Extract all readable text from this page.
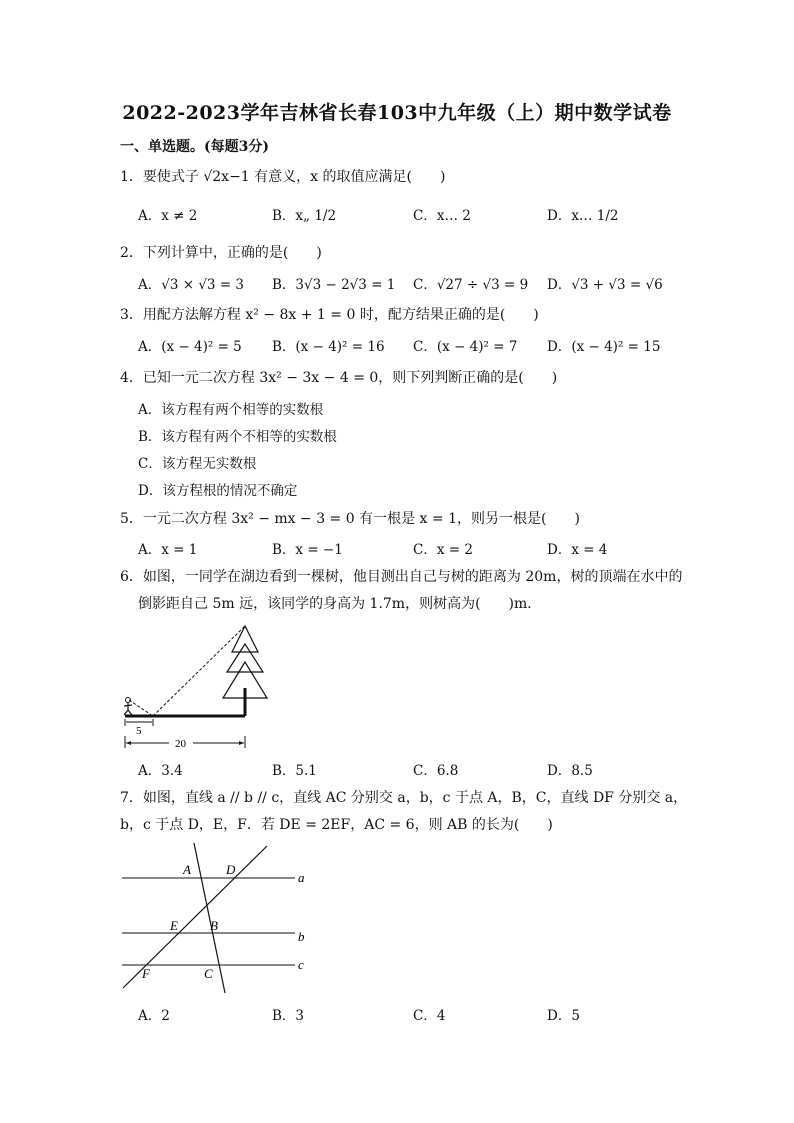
2022-2023学年吉林省长春103中九年级（上）期中数学试卷
一、单选题。(每题3分)
1．要使式子 √2x−1 有意义，x 的取值应满足(　　)
A．x ≠ 2	B．x„ 1/2	C．x… 2	D．x… 1/2
2．下列计算中，正确的是(　　)
A．√3 × √3 = 3 B．3√3 − 2√3 = 1 C．√27 ÷ √3 = 9 D．√3 + √3 = √6
3．用配方法解方程 x² − 8x + 1 = 0 时，配方结果正确的是(　　)
A．(x − 4)² = 5 B．(x − 4)² = 16 C．(x − 4)² = 7 D．(x − 4)² = 15
4．已知一元二次方程 3x² − 3x − 4 = 0，则下列判断正确的是(　　)
A．该方程有两个相等的实数根
B．该方程有两个不相等的实数根
C．该方程无实数根
D．该方程根的情况不确定
5．一元二次方程 3x² − mx − 3 = 0 有一根是 x = 1，则另一根是(　　)
A．x = 1	B．x = −1	C．x = 2	D．x = 4
6．如图，一同学在湖边看到一棵树，他目测出自己与树的距离为 20m，树的顶端在水中的
倒影距自己 5m 远，该同学的身高为 1.7m，则树高为(　　)m．
5
20
A．3.4	B．5.1	C．6.8	D．8.5
7．如图，直线 a // b // c，直线 AC 分别交 a，b，c 于点 A，B，C，直线 DF 分别交 a，
b，c 于点 D，E，F．若 DE = 2EF，AC = 6，则 AB 的长为(　　)
A	D
E B
F	C
a
b
c
A．2	B．3	C．4	D．5
